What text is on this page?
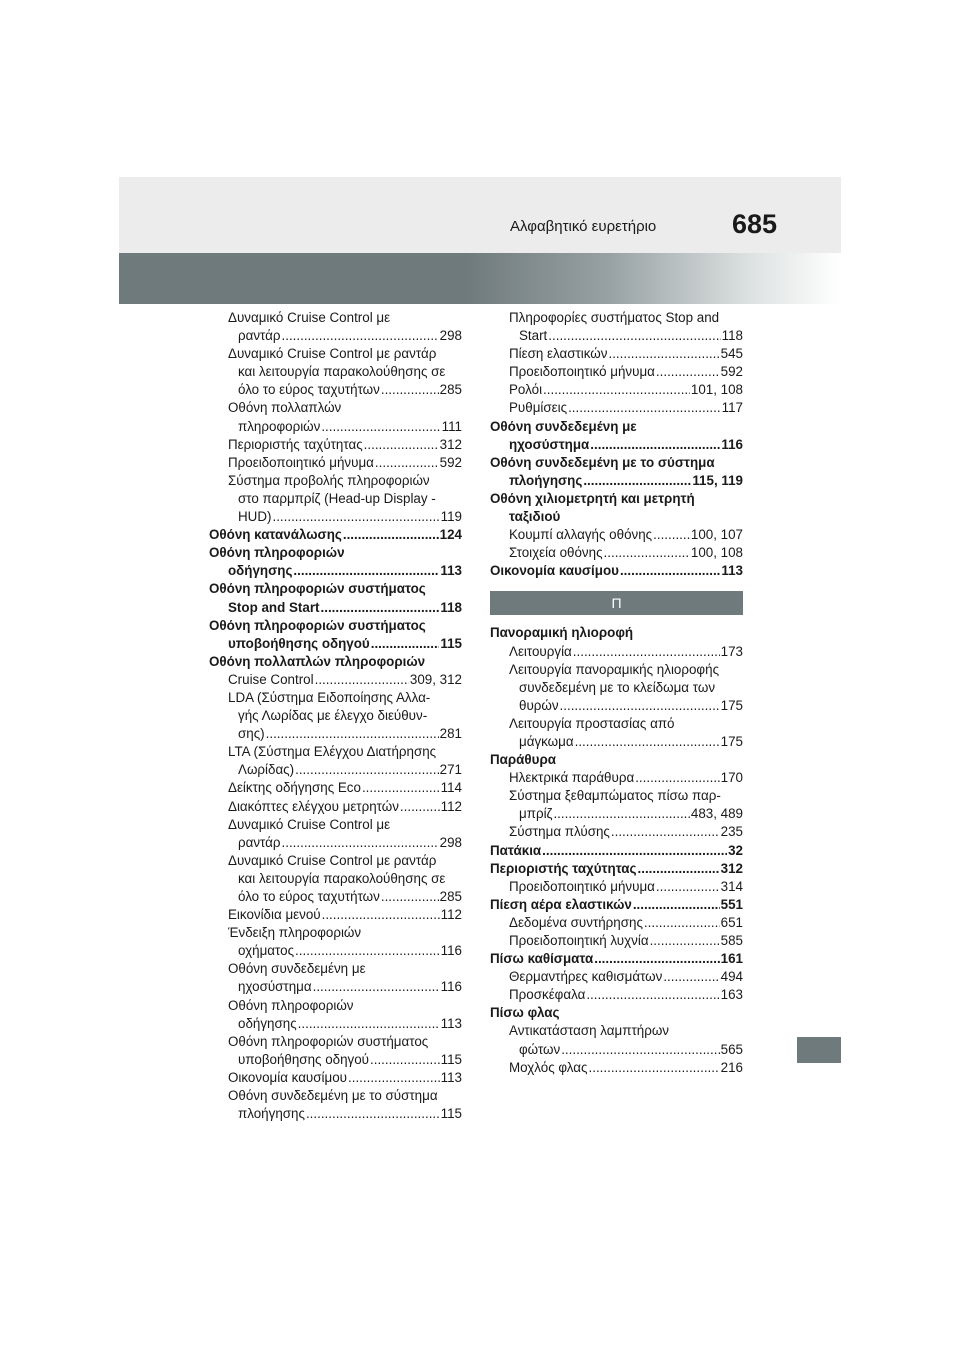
Αλφαβητικό ευρετήριο	685
Δυναμικό Cruise Control με
ραντάρ .....	298
Δυναμικό Cruise Control με ραντάρ
και λειτουργία παρακολούθησης σε
όλο το εύρος ταχυτήτων .....	285
Οθόνη πολλαπλών
πληροφοριών .....	111
Περιοριστής ταχύτητας .....	312
Προειδοποιητικό μήνυμα .....	592
Σύστημα προβολής πληροφοριών
στο παρμπρίζ (Head-up Display -
HUD) .....	119
Οθόνη κατανάλωσης .....	124
Οθόνη πληροφοριών
οδήγησης .....	113
Οθόνη πληροφοριών συστήματος
Stop and Start .....	118
Οθόνη πληροφοριών συστήματος
υποβοήθησης οδηγού .....	115
Οθόνη πολλαπλών πληροφοριών
Cruise Control .....	309, 312
LDA (Σύστημα Ειδοποίησης Αλλα-
γής Λωρίδας με έλεγχο διεύθυν-
σης) .....	281
LTA (Σύστημα Ελέγχου Διατήρησης
Λωρίδας) .....	271
Δείκτης οδήγησης Eco .....	114
Διακόπτες ελέγχου μετρητών .....	112
Δυναμικό Cruise Control με
ραντάρ .....	298
Δυναμικό Cruise Control με ραντάρ
και λειτουργία παρακολούθησης σε
όλο το εύρος ταχυτήτων .....	285
Εικονίδια μενού .....	112
Ένδειξη πληροφοριών
οχήματος .....	116
Οθόνη συνδεδεμένη με
ηχοσύστημα .....	116
Οθόνη πληροφοριών
οδήγησης .....	113
Οθόνη πληροφοριών συστήματος
υποβοήθησης οδηγού .....	115
Οικονομία καυσίμου .....	113
Οθόνη συνδεδεμένη με το σύστημα
πλοήγησης .....	115
Πληροφορίες συστήματος Stop and
Start .....	118
Πίεση ελαστικών .....	545
Προειδοποιητικό μήνυμα .....	592
Ρολόι .....	101, 108
Ρυθμίσεις .....	117
Οθόνη συνδεδεμένη με
ηχοσύστημα .....	116
Οθόνη συνδεδεμένη με το σύστημα
πλοήγησης .....	115, 119
Οθόνη χιλιομετρητή και μετρητή
ταξιδιού
Κουμπί αλλαγής οθόνης .....	100, 107
Στοιχεία οθόνης .....	100, 108
Οικονομία καυσίμου .....	113
Π
Πανοραμική ηλιοροφή
Λειτουργία .....	173
Λειτουργία πανοραμικής ηλιοροφής
συνδεδεμένη με το κλείδωμα των
θυρών .....	175
Λειτουργία προστασίας από
μάγκωμα .....	175
Παράθυρα
Ηλεκτρικά παράθυρα .....	170
Σύστημα ξεθαμπώματος πίσω παρ-
μπρίζ .....	483, 489
Σύστημα πλύσης .....	235
Πατάκια .....	32
Περιοριστής ταχύτητας .....	312
Προειδοποιητικό μήνυμα .....	314
Πίεση αέρα ελαστικών .....	551
Δεδομένα συντήρησης .....	651
Προειδοποιητική λυχνία .....	585
Πίσω καθίσματα .....	161
Θερμαντήρες καθισμάτων .....	494
Προσκέφαλα .....	163
Πίσω φλας
Αντικατάσταση λαμπτήρων
φώτων .....	565
Μοχλός φλας .....	216
